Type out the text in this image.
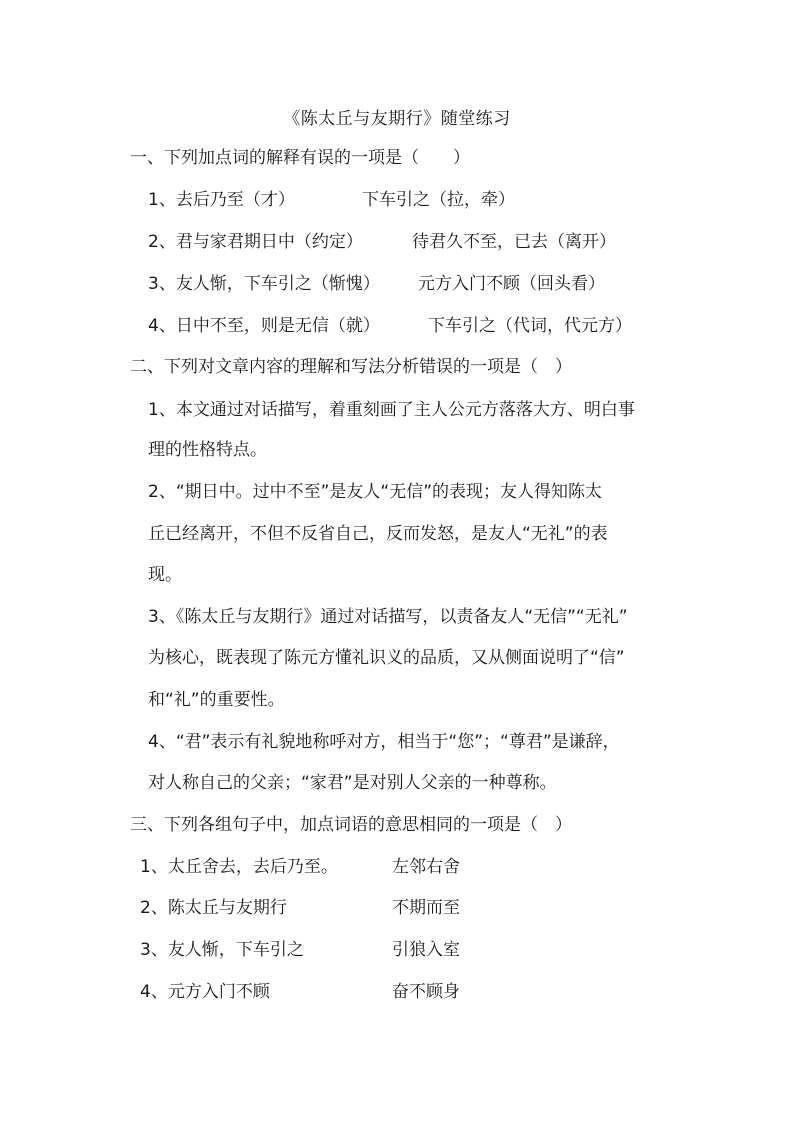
《陈太丘与友期行》随堂练习
一、下列加点词的解释有误的一项是（　　）
1、去后乃至（才）	下车引之（拉，牵）
2、君与家君期日中（约定）	待君久不至，已去（离开）
3、友人惭，下车引之（惭愧） 元方入门不顾（回头看）
4、日中不至，则是无信（就）	下车引之（代词，代元方）
二、下列对文章内容的理解和写法分析错误的一项是（　）
1、本文通过对话描写，着重刻画了主人公元方落落大方、明白事
理的性格特点。
2、“期日中。过中不至”是友人“无信”的表现；友人得知陈太
丘已经离开，不但不反省自己，反而发怒，是友人“无礼”的表
现。
3、《陈太丘与友期行》通过对话描写，以责备友人“无信”“无礼”
为核心，既表现了陈元方懂礼识义的品质，又从侧面说明了“信”
和“礼”的重要性。
4、“君”表示有礼貌地称呼对方，相当于“您”；“尊君”是谦辞，
对人称自己的父亲；“家君”是对别人父亲的一种尊称。
三、下列各组句子中，加点词语的意思相同的一项是（　）
1、太丘舍去，去后乃至。	左邻右舍
2、陈太丘与友期行	不期而至
3、友人惭，下车引之	引狼入室
4、元方入门不顾	奋不顾身
